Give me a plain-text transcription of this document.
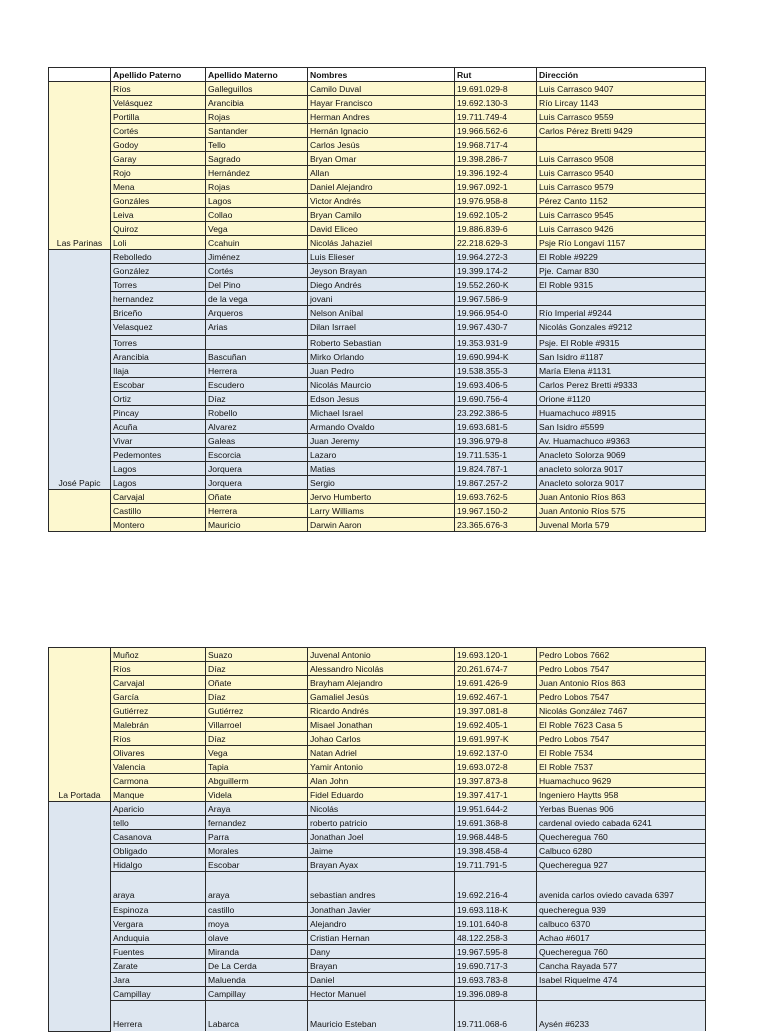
	Apellido Paterno	Apellido Materno	Nombres	Rut	Dirección
Las Parinas	Ríos	Galleguillos	Camilo Duval	19.691.029-8	Luis Carrasco 9407
	Velásquez	Arancibia	Hayar Francisco	19.692.130-3	Río Lircay 1143
	Portilla	Rojas	Herman Andres	19.711.749-4	Luis Carrasco 9559
	Cortés	Santander	Hernán Ignacio	19.966.562-6	Carlos Pérez Bretti 9429
	Godoy	Tello	Carlos Jesús	19.968.717-4	
	Garay	Sagrado	Bryan Omar	19.398.286-7	Luis Carrasco 9508
	Rojo	Hernández	Allan	19.396.192-4	Luis Carrasco 9540
	Mena	Rojas	Daniel Alejandro	19.967.092-1	Luis Carrasco 9579
	Gonzáles	Lagos	Victor Andrés	19.976.958-8	Pérez Canto 1152
	Leiva	Collao	Bryan Camilo	19.692.105-2	Luis Carrasco 9545
	Quiroz	Vega	David Eliceo	19.886.839-6	Luis Carrasco 9426
	Loli	Ccahuin	Nicolás Jahaziel	22.218.629-3	Psje Río Longaví 1157
José Papic	Rebolledo	Jiménez	Luis Elieser	19.964.272-3	El Roble #9229
	González	Cortés	Jeyson Brayan	19.399.174-2	Pje. Camar 830
	Torres	Del Pino	Diego Andrés	19.552.260-K	El Roble 9315
	hernandez	de la vega	jovani	19.967.586-9	
	Briceño	Arqueros	Nelson Aníbal	19.966.954-0	Río Imperial #9244
	Velasquez	Arias	Dilan Isrrael	19.967.430-7	Nicolás Gonzales #9212
	Torres		Roberto Sebastian	19.353.931-9	Psje. El Roble #9315
	Arancibia	Bascuñan	Mirko Orlando	19.690.994-K	San Isidro #1187
	Ilaja	Herrera	Juan Pedro	19.538.355-3	María Elena #1131
	Escobar	Escudero	Nicolás Maurcio	19.693.406-5	Carlos Perez Bretti #9333
	Ortiz	Díaz	Edson Jesus	19.690.756-4	Orione #1120
	Pincay	Robello	Michael Israel	23.292.386-5	Huamachuco #8915
	Acuña	Alvarez	Armando Ovaldo	19.693.681-5	San Isidro #5599
	Vivar	Galeas	Juan Jeremy	19.396.979-8	Av. Huamachuco #9363
	Pedemontes	Escorcia	Lazaro	19.711.535-1	Anacleto Solorza 9069
	Lagos	Jorquera	Matias	19.824.787-1	anacleto solorza 9017
	Lagos	Jorquera	Sergio	19.867.257-2	Anacleto solorza 9017
	Carvajal	Oñate	Jervo Humberto	19.693.762-5	Juan Antonio Ríos 863
	Castillo	Herrera	Larry Williams	19.967.150-2	Juan Antonio Ríos 575
	Montero	Mauricio	Darwin Aaron	23.365.676-3	Juvenal Morla 579
La Portada	Muñoz	Suazo	Juvenal Antonio	19.693.120-1	Pedro Lobos 7662
	Ríos	Díaz	Alessandro Nicolás	20.261.674-7	Pedro Lobos 7547
	Carvajal	Oñate	Brayham Alejandro	19.691.426-9	Juan Antonio Ríos 863
	García	Díaz	Gamaliel Jesús	19.692.467-1	Pedro Lobos 7547
	Gutiérrez	Gutiérrez	Ricardo Andrés	19.397.081-8	Nicolás González 7467
	Malebrán	Villarroel	Misael Jonathan	19.692.405-1	El Roble 7623 Casa 5
	Ríos	Díaz	Johao Carlos	19.691.997-K	Pedro Lobos 7547
	Olivares	Vega	Natan Adriel	19.692.137-0	El Roble 7534
	Valencia	Tapia	Yamir Antonio	19.693.072-8	El Roble 7537
	Carmona	Abguillerm	Alan John	19.397.873-8	Huamachuco 9629
	Manque	Videla	Fidel Eduardo	19.397.417-1	Ingeniero Haytts 958
	Aparicio	Araya	Nicolás	19.951.644-2	Yerbas Buenas 906
	tello	fernandez	roberto patricio	19.691.368-8	cardenal oviedo cabada 6241
	Casanova	Parra	Jonathan Joel	19.968.448-5	Quecheregua 760
	Obligado	Morales	Jaime	19.398.458-4	Calbuco 6280
	Hidalgo	Escobar	Brayan Ayax	19.711.791-5	Quecheregua 927
	araya	araya	sebastian andres	19.692.216-4	avenida carlos oviedo cavada 6397
	Espinoza	castillo	Jonathan Javier	19.693.118-K	quecheregua 939
	Vergara	moya	Alejandro	19.101.640-8	calbuco 6370
	Anduquia	olave	Cristian Hernan	48.122.258-3	Achao #6017
	Fuentes	Miranda	Dany	19.967.595-8	Quecheregua 760
	Zarate	De La Cerda	Brayan	19.690.717-3	Cancha Rayada 577
	Jara	Maluenda	Daniel	19.693.783-8	Isabel Riquelme 474
	Campillay	Campillay	Hector Manuel	19.396.089-8	
	Herrera	Labarca	Mauricio Esteban	19.711.068-6	Aysén #6233
